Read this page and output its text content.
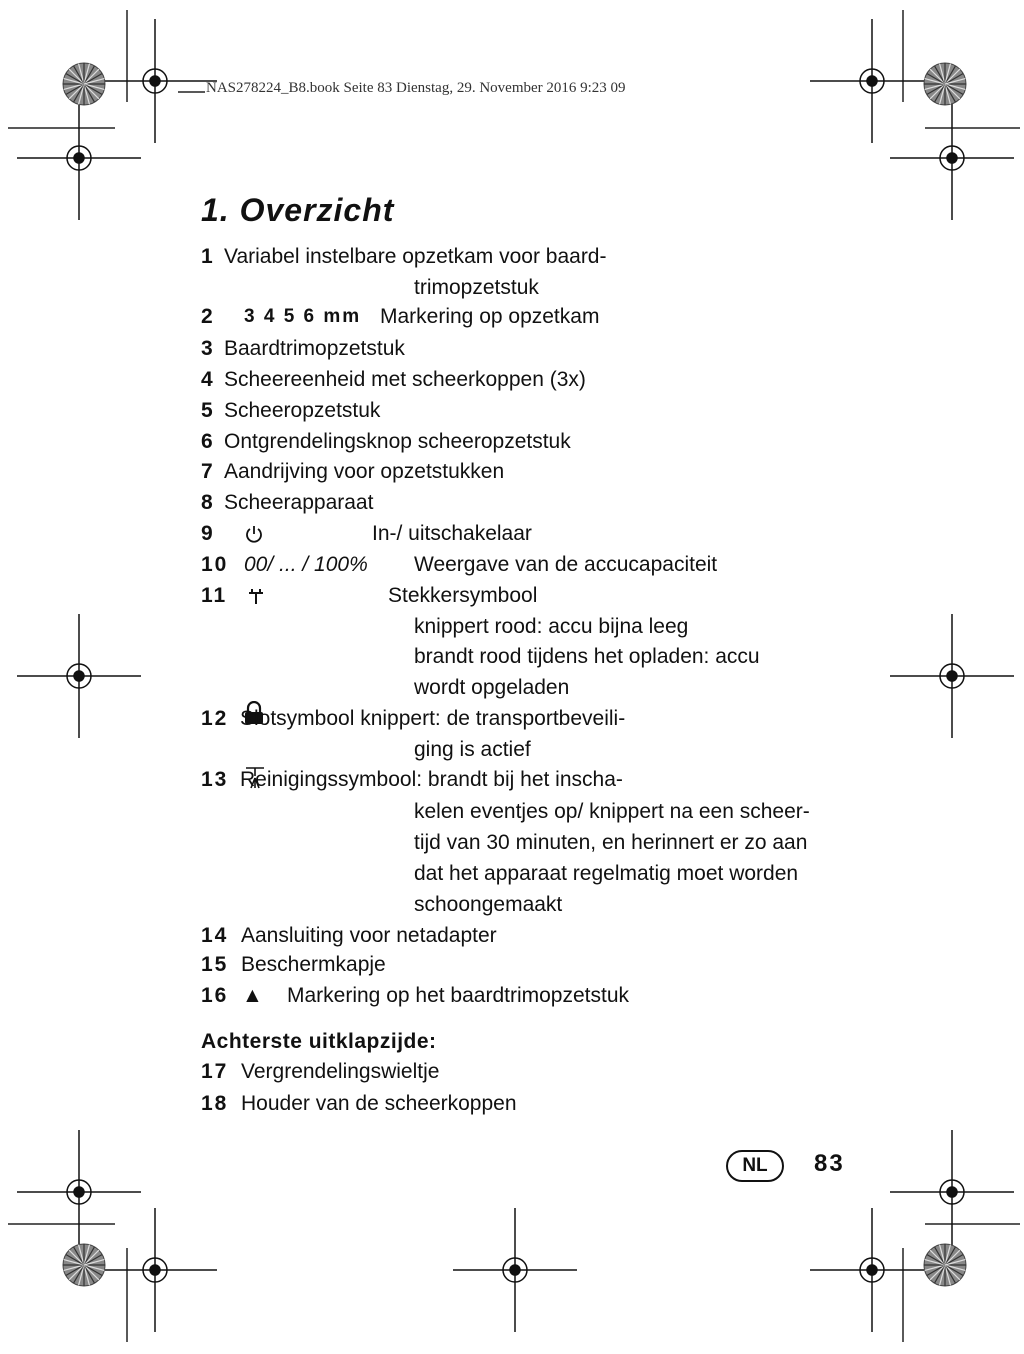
NAS278224_B8.book Seite 83 Dienstag, 29. November 2016 9:23 09
1. Overzicht
1 Variabel instelbare opzetkam voor baard-
trimopzetstuk
2 3 4 5 6 mm Markering op opzetkam
3 Baardtrimopzetstuk
4 Scheereenheid met scheerkoppen (3x)
5 Scheeropzetstuk
6 Ontgrendelingsknop scheeropzetstuk
7 Aandrijving voor opzetstukken
8 Scheerapparaat
9	In-/ uitschakelaar
10 00/ ... / 100% Weergave van de accucapaciteit
11	Stekkersymbool
knippert rood: accu bijna leeg
brandt rood tijdens het opladen: accu
wordt opgeladen
12 Slotsymbool knippert: de transportbeveili-
ging is actief
13 Reinigingssymbool: brandt bij het inscha-
kelen eventjes op/ knippert na een scheer-
tijd van 30 minuten, en herinnert er zo aan
dat het apparaat regelmatig moet worden
schoongemaakt
14 Aansluiting voor netadapter
15 Beschermkapje
16 ▲ Markering op het baardtrimopzetstuk
Achterste uitklapzijde:
17 Vergrendelingswieltje
18 Houder van de scheerkoppen
NL	83
